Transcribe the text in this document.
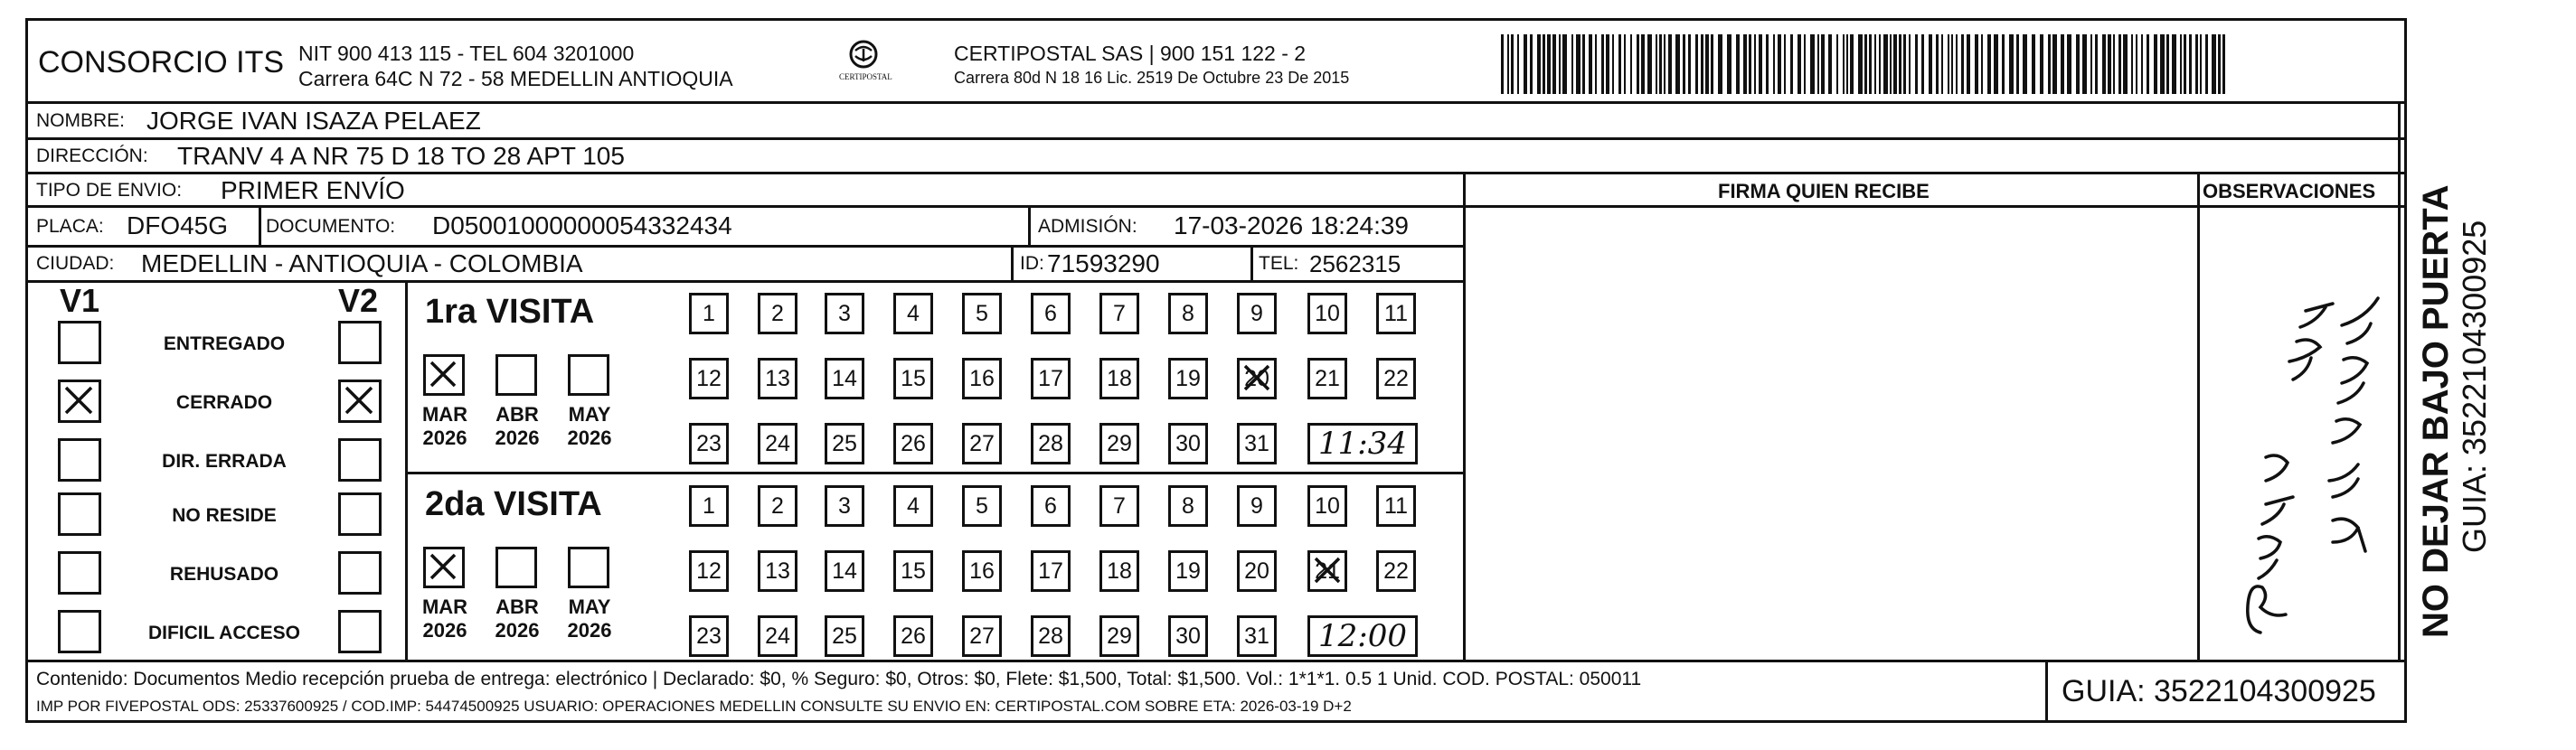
CONSORCIO ITS NIT 900 413 115 - TEL 604 3201000
Carrera 64C N 72 - 58 MEDELLIN ANTIOQUIA	CERTIPOSTAL
CERTIPOSTAL SAS | 900 151 122 - 2
Carrera 80d N 18 16 Lic. 2519 De Octubre 23 De 2015
NOMBRE: JORGE IVAN ISAZA PELAEZ
DIRECCIÓN: TRANV 4 A NR 75 D 18 TO 28 APT 105
TIPO DE ENVIO: PRIMER ENVÍO
PLACA: DFO45G DOCUMENTO: D05001000000054332434	ADMISIÓN: 17-03-2026 18:24:39
CIUDAD: MEDELLIN - ANTIOQUIA - COLOMBIA	ID: 71593290	TEL: 2562315
FIRMA QUIEN RECIBE	OBSERVACIONES
V1	V2
ENTREGADO
CERRADO
DIR. ERRADA
NO RESIDE
REHUSADO
DIFICIL ACCESO
1ra VISITA
MAR
2026
ABR
2026
MAY
2026
1 2 3 4 5 6 7 8 9 10 11
12 13 14 15 16 17 18 19 20 21 22
23 24 25 26 27 28 29 30 31	11:34
2da VISITA
MAR
2026
ABR
2026
MAY
2026
1 2 3 4 5 6 7 8 9 10 11
12 13 14 15 16 17 18 19 20 21 22
23 24 25 26 27 28 29 30 31	12:00	NO DEJAR BAJO PUERTA GUIA: 3522104300925
Contenido: Documentos Medio recepción prueba de entrega: electrónico | Declarado: $0, % Seguro: $0, Otros: $0, Flete: $1,500, Total: $1,500. Vol.: 1*1*1. 0.5 1 Unid. COD. POSTAL: 050011
IMP POR FIVEPOSTAL ODS: 25337600925 / COD.IMP: 54474500925 USUARIO: OPERACIONES MEDELLIN CONSULTE SU ENVIO EN: CERTIPOSTAL.COM SOBRE ETA: 2026-03-19 D+2	GUIA: 3522104300925
